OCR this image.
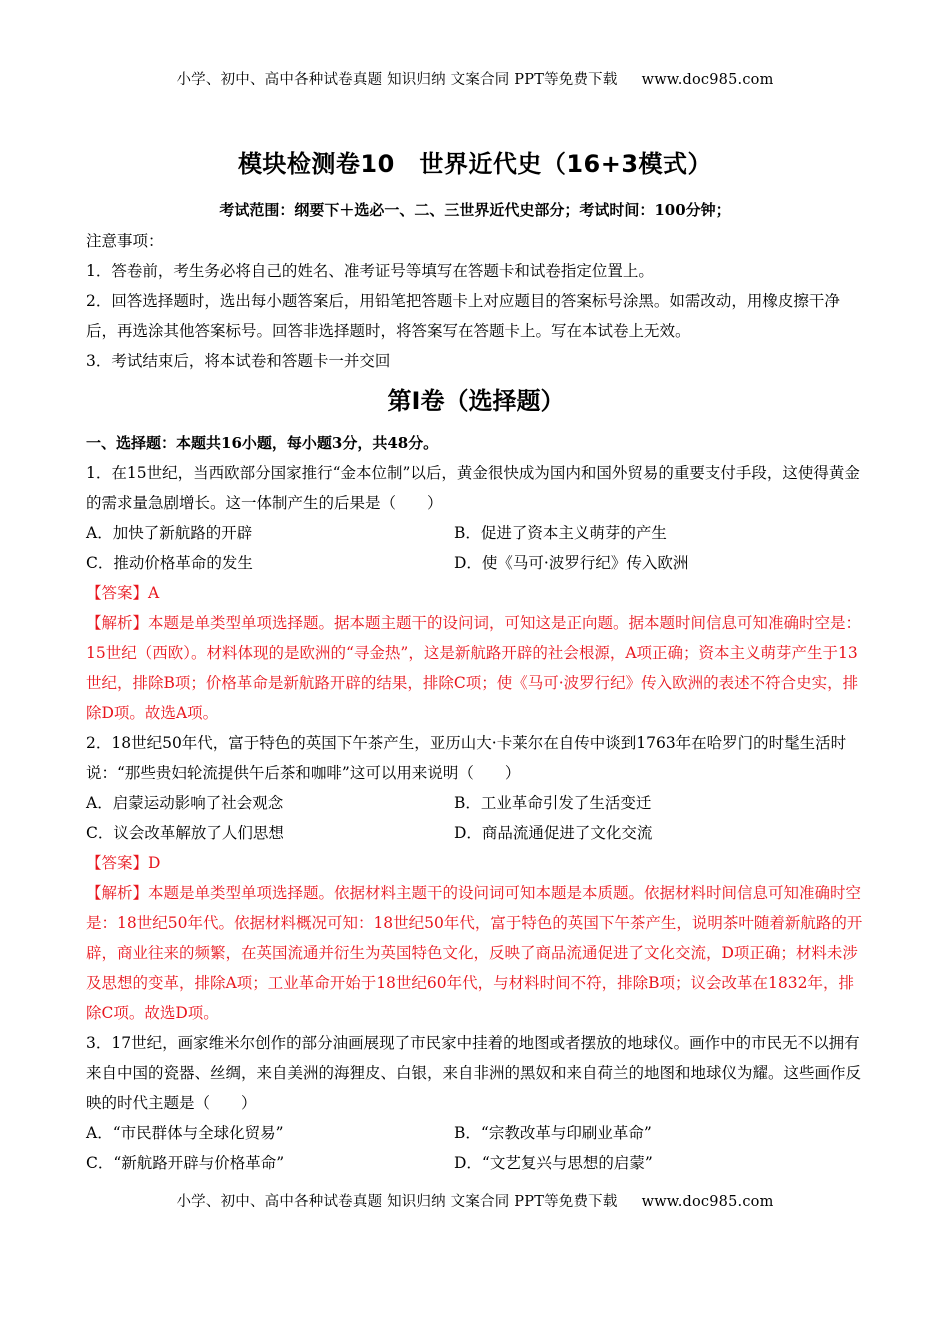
小学、初中、高中各种试卷真题 知识归纳 文案合同 PPT等免费下载 www.doc985.com
模块检测卷10　世界近代史（16+3模式）
考试范围：纲要下＋选必一、二、三世界近代史部分；考试时间：100分钟；
注意事项：
1．答卷前，考生务必将自己的姓名、准考证号等填写在答题卡和试卷指定位置上。
2．回答选择题时，选出每小题答案后，用铅笔把答题卡上对应题目的答案标号涂黑。如需改动，用橡皮擦干净后，再选涂其他答案标号。回答非选择题时，将答案写在答题卡上。写在本试卷上无效。
3．考试结束后，将本试卷和答题卡一并交回
第I卷（选择题）
一、选择题：本题共16小题，每小题3分，共48分。
1．在15世纪，当西欧部分国家推行“金本位制”以后，黄金很快成为国内和国外贸易的重要支付手段，这使得黄金的需求量急剧增长。这一体制产生的后果是（　　）
A．加快了新航路的开辟	B．促进了资本主义萌芽的产生
C．推动价格革命的发生	D．使《马可·波罗行纪》传入欧洲
【答案】A
【解析】本题是单类型单项选择题。据本题主题干的设问词，可知这是正向题。据本题时间信息可知准确时空是：15世纪（西欧）。材料体现的是欧洲的“寻金热”，这是新航路开辟的社会根源，A项正确；资本主义萌芽产生于13世纪，排除B项；价格革命是新航路开辟的结果，排除C项；使《马可·波罗行纪》传入欧洲的表述不符合史实，排除D项。故选A项。
2．18世纪50年代，富于特色的英国下午茶产生，亚历山大·卡莱尔在自传中谈到1763年在哈罗门的时髦生活时说：“那些贵妇轮流提供午后茶和咖啡”这可以用来说明（　　）
A．启蒙运动影响了社会观念	B．工业革命引发了生活变迁
C．议会改革解放了人们思想	D．商品流通促进了文化交流
【答案】D
【解析】本题是单类型单项选择题。依据材料主题干的设问词可知本题是本质题。依据材料时间信息可知准确时空是：18世纪50年代。依据材料概况可知：18世纪50年代，富于特色的英国下午茶产生，说明茶叶随着新航路的开辟，商业往来的频繁，在英国流通并衍生为英国特色文化，反映了商品流通促进了文化交流，D项正确；材料未涉及思想的变革，排除A项；工业革命开始于18世纪60年代，与材料时间不符，排除B项；议会改革在1832年，排除C项。故选D项。
3．17世纪，画家维米尔创作的部分油画展现了市民家中挂着的地图或者摆放的地球仪。画作中的市民无不以拥有来自中国的瓷器、丝绸，来自美洲的海狸皮、白银，来自非洲的黑奴和来自荷兰的地图和地球仪为耀。这些画作反映的时代主题是（　　）
A．“市民群体与全球化贸易”	B．“宗教改革与印刷业革命”
C．“新航路开辟与价格革命”	D．“文艺复兴与思想的启蒙”
小学、初中、高中各种试卷真题 知识归纳 文案合同 PPT等免费下载 www.doc985.com
